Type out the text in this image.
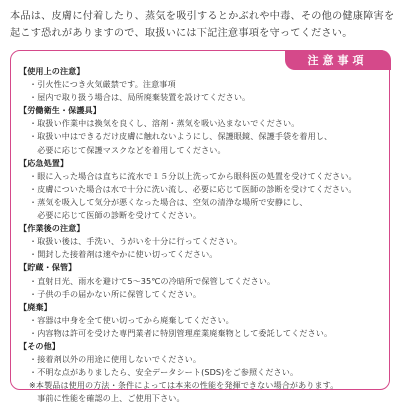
本品は、皮膚に付着したり、蒸気を吸引するとかぶれや中毒、その他の健康障害を
起こす恐れがありますので、取扱いには下記注意事項を守ってください。
注意事項
【使用上の注意】
・引火性につき火気厳禁です。注意事項
・屋内で取り扱う場合は、局所廃棄装置を設けてください。
【労働衛生・保護具】
・取扱い作業中は換気を良くし、溶剤・蒸気を吸い込まないでください。
・取扱い中はできるだけ皮膚に触れないようにし、保護眼鏡、保護手袋を着用し、
　必要に応じて保護マスクなどを着用してください。
【応急処置】
・眼に入った場合は直ちに流水で１５分以上洗ってから眼科医の処置を受けてください。
・皮膚についた場合は水で十分に洗い流し、必要に応じて医師の診断を受けてください。
・蒸気を吸入して気分が悪くなった場合は、空気の清浄な場所で安静にし、
　必要に応じて医師の診断を受けてください。
【作業後の注意】
・取扱い後は、手洗い、うがいを十分に行ってください。
・開封した接着剤は速やかに使い切ってください。
【貯蔵・保管】
・直射日光、雨水を避けて5～35℃の冷暗所で保管してください。
・子供の手の届かない所に保管してください。
【廃棄】
・容器は中身を全て使い切ってから廃棄してください。
・内容物は許可を受けた専門業者に特別管理産業廃棄物として委託してください。
【その他】
・接着剤以外の用途に使用しないでください。
・不明な点がありましたら、安全データシート(SDS)をご参照ください。
※本製品は使用の方法・条件によっては本来の性能を発揮できない場合があります。
　事前に性能を確認の上、ご使用下さい。
